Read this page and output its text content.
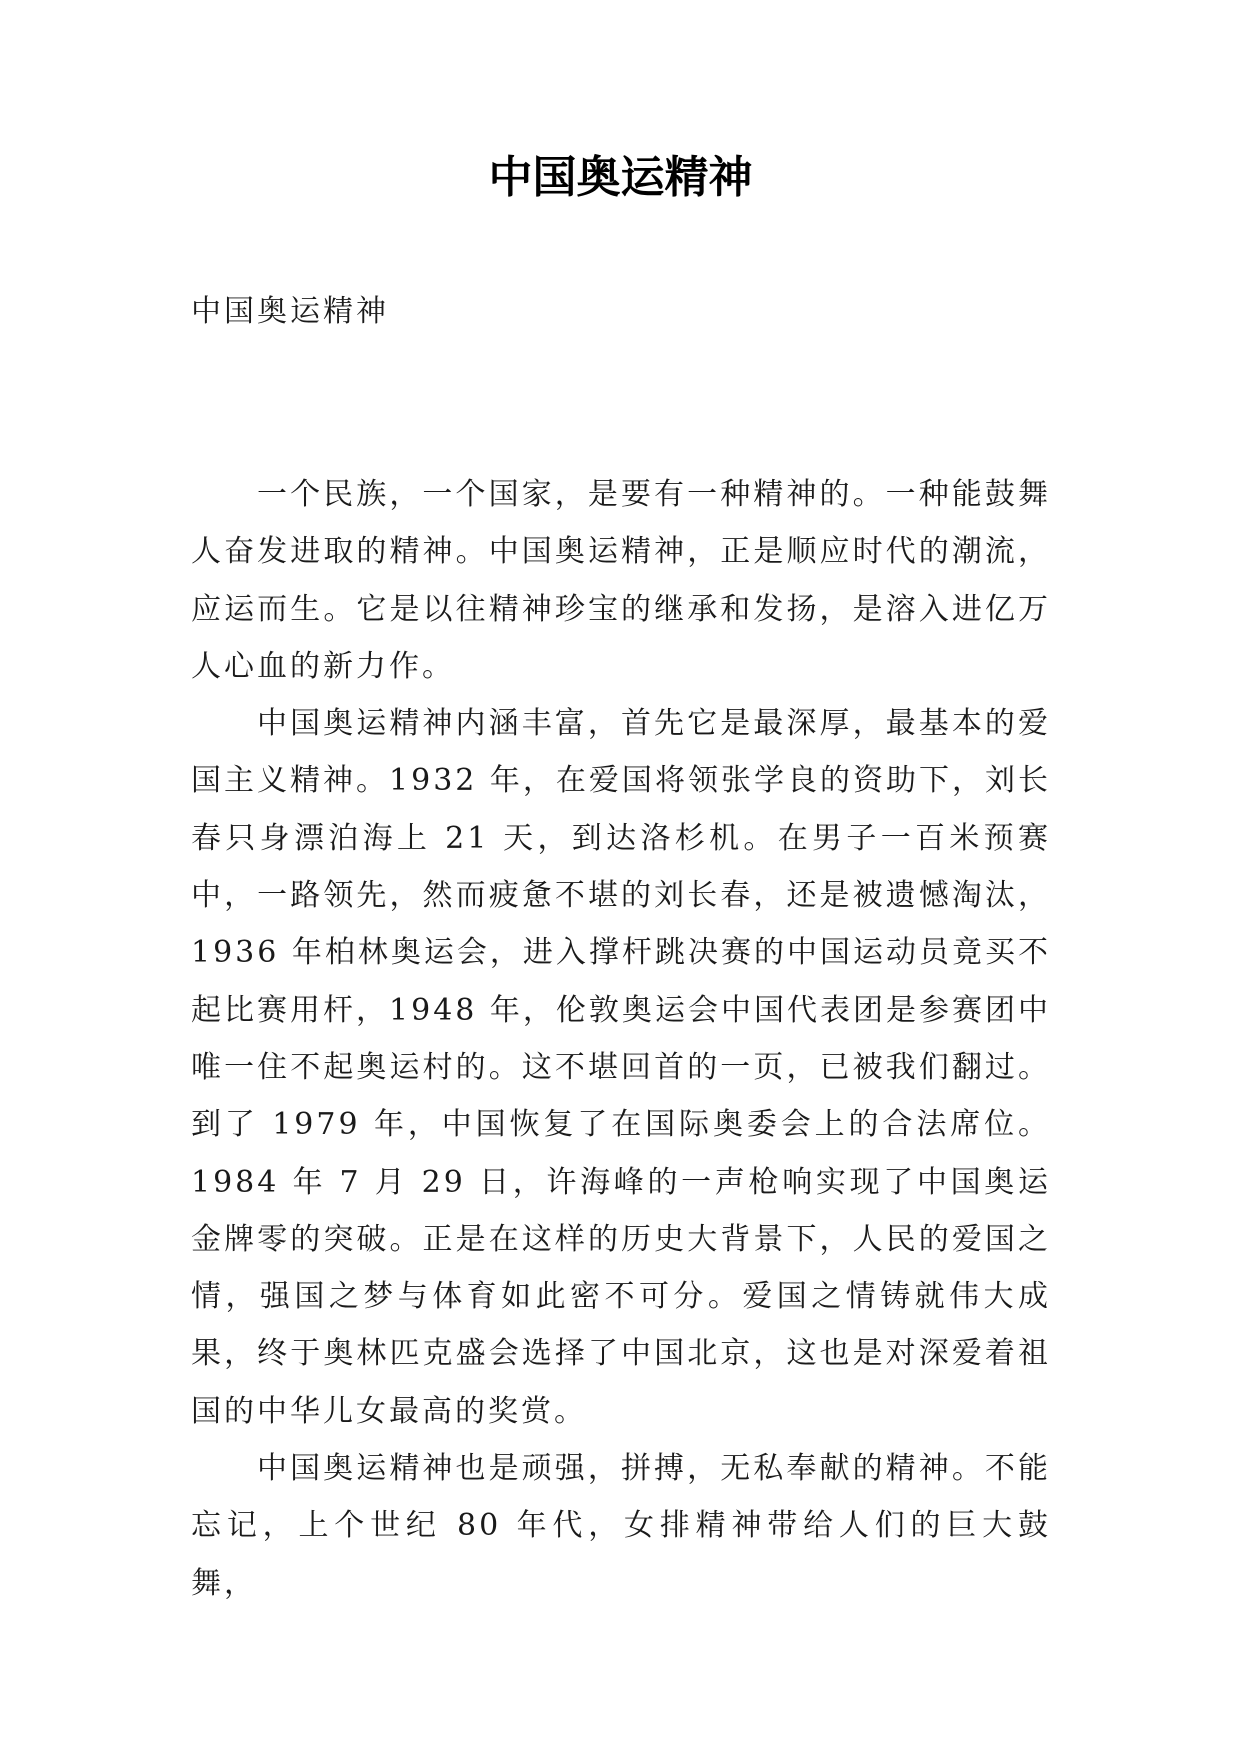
中国奥运精神

中国奥运精神

一个民族，一个国家，是要有一种精神的。一种能鼓舞人奋发进取的精神。中国奥运精神，正是顺应时代的潮流，应运而生。它是以往精神珍宝的继承和发扬，是溶入进亿万人心血的新力作。

中国奥运精神内涵丰富，首先它是最深厚，最基本的爱国主义精神。1932 年，在爱国将领张学良的资助下，刘长春只身漂泊海上 21 天，到达洛杉机。在男子一百米预赛中，一路领先，然而疲惫不堪的刘长春，还是被遗憾淘汰，1936 年柏林奥运会，进入撑杆跳决赛的中国运动员竟买不起比赛用杆，1948 年，伦敦奥运会中国代表团是参赛团中唯一住不起奥运村的。这不堪回首的一页，已被我们翻过。到了 1979 年，中国恢复了在国际奥委会上的合法席位。1984 年 7 月 29 日，许海峰的一声枪响实现了中国奥运金牌零的突破。正是在这样的历史大背景下，人民的爱国之情，强国之梦与体育如此密不可分。爱国之情铸就伟大成果，终于奥林匹克盛会选择了中国北京，这也是对深爱着祖国的中华儿女最高的奖赏。

中国奥运精神也是顽强，拼搏，无私奉献的精神。不能忘记，上个世纪 80 年代，女排精神带给人们的巨大鼓舞，
